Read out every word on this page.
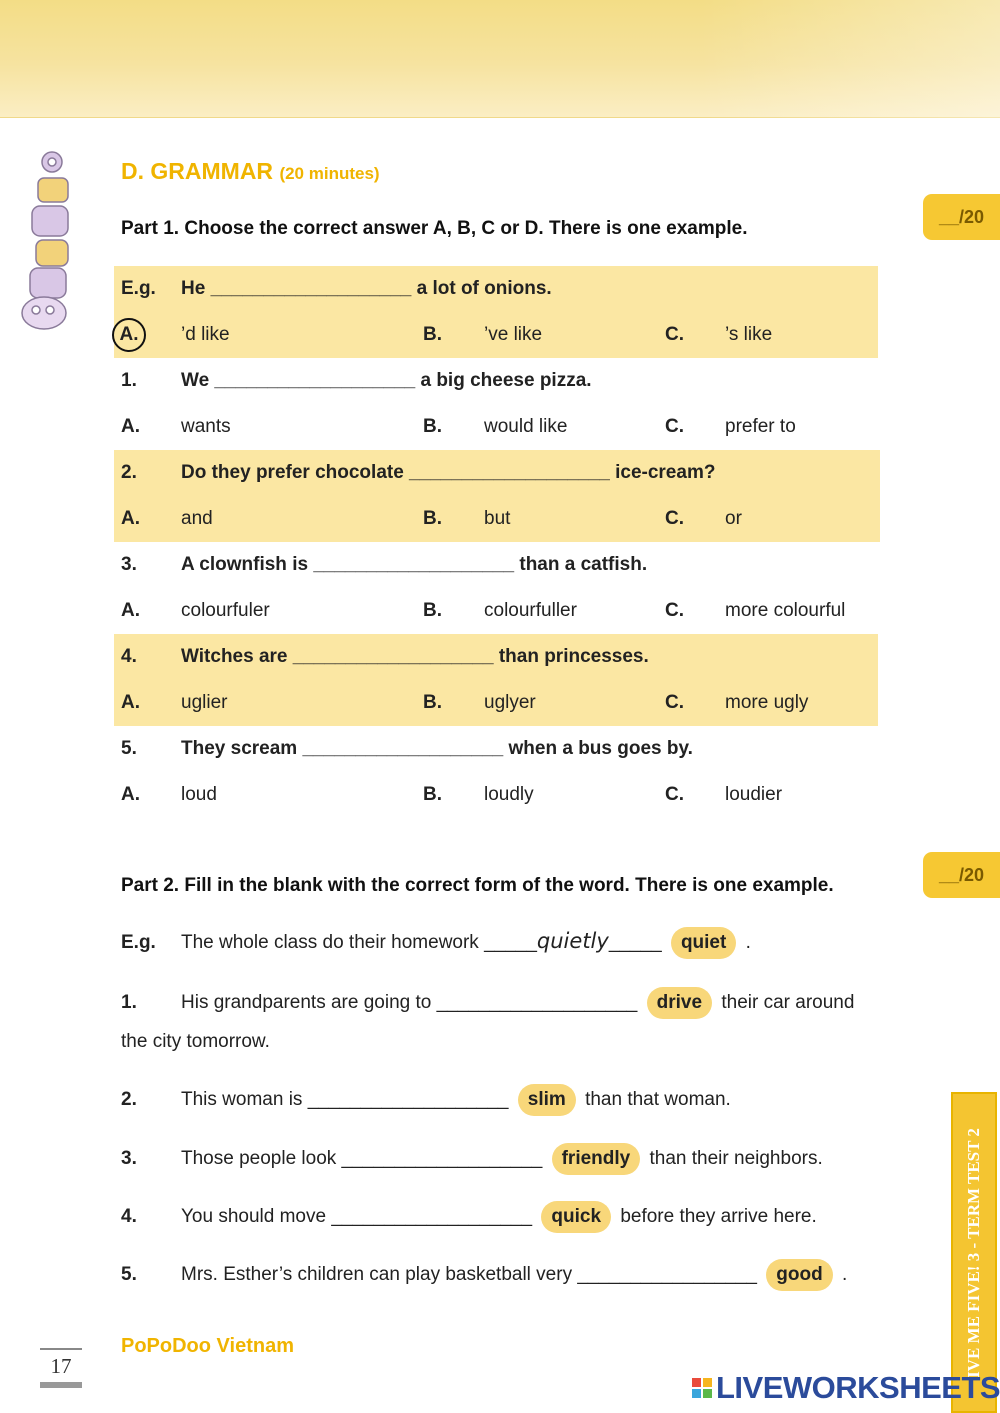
D. GRAMMAR (20 minutes)
__/20
Part 1. Choose the correct answer A, B, C or D. There is one example.
E.g. He ___________________ a lot of onions.
A.	’d like	B. ’ve like	C. ’s like
1. We ___________________ a big cheese pizza.
A. wants	B. would like	C. prefer to
2. Do they prefer chocolate ___________________ ice-cream?
A. and	B. but	C. or
3. A clownfish is ___________________ than a catfish.
A. colourfuler	B. colourfuller	C. more colourful
4. Witches are ___________________ than princesses.
A. uglier	B. uglyer	C. more ugly
5. They scream ___________________ when a bus goes by.
A. loud	B. loudly	C. loudier
__/20
Part 2. Fill in the blank with the correct form of the word. There is one example.
E.g. The whole class do their homework _____quietly_____ quiet .
1. His grandparents are going to ___________________ drive their car around
the city tomorrow.
2. This woman is ___________________ slim than that woman.
3. Those people look ___________________ friendly than their neighbors.
4. You should move ___________________ quick before they arrive here.
5. Mrs. Esther’s children can play basketball very _________________ good .	IVE ME FIVE! 3 - TERM TEST 2
17
PoPoDoo Vietnam
LIVEWORKSHEETS
